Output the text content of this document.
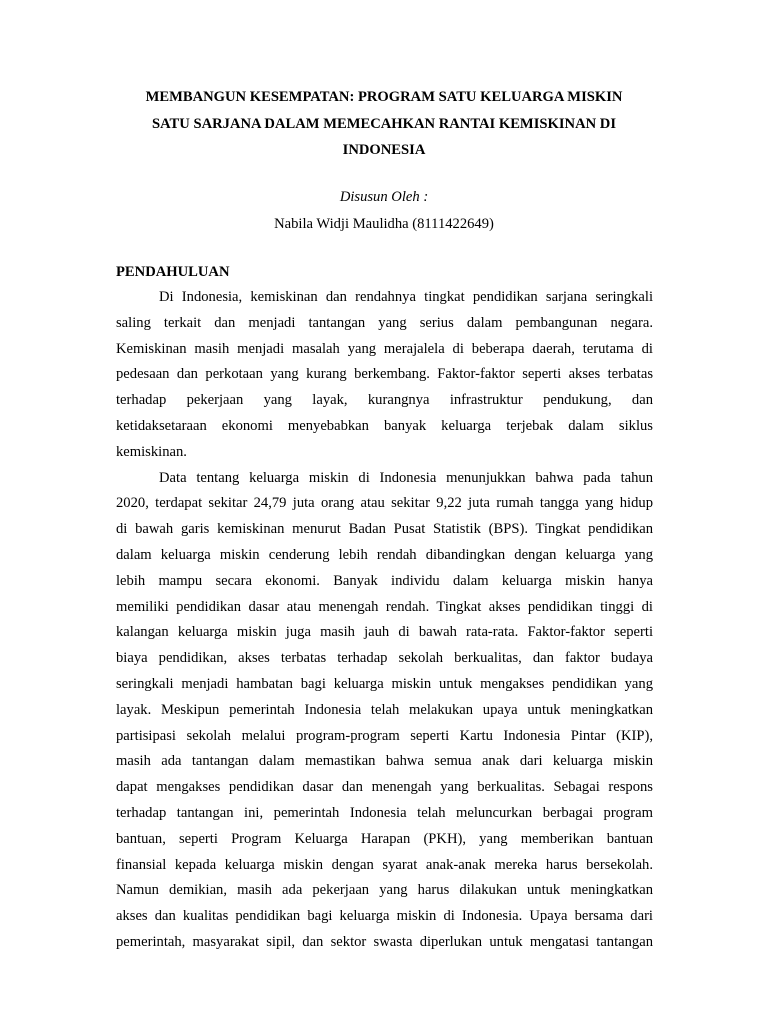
MEMBANGUN KESEMPATAN: PROGRAM SATU KELUARGA MISKIN
SATU SARJANA DALAM MEMECAHKAN RANTAI KEMISKINAN DI
INDONESIA
Disusun Oleh :
Nabila Widji Maulidha (8111422649)
PENDAHULUAN
Di Indonesia, kemiskinan dan rendahnya tingkat pendidikan sarjana seringkali
saling terkait dan menjadi tantangan yang serius dalam pembangunan negara.
Kemiskinan masih menjadi masalah yang merajalela di beberapa daerah, terutama di
pedesaan dan perkotaan yang kurang berkembang. Faktor-faktor seperti akses terbatas
terhadap pekerjaan yang layak, kurangnya infrastruktur pendukung, dan
ketidaksetaraan ekonomi menyebabkan banyak keluarga terjebak dalam siklus
kemiskinan.
Data tentang keluarga miskin di Indonesia menunjukkan bahwa pada tahun
2020, terdapat sekitar 24,79 juta orang atau sekitar 9,22 juta rumah tangga yang hidup
di bawah garis kemiskinan menurut Badan Pusat Statistik (BPS). Tingkat pendidikan
dalam keluarga miskin cenderung lebih rendah dibandingkan dengan keluarga yang
lebih mampu secara ekonomi. Banyak individu dalam keluarga miskin hanya
memiliki pendidikan dasar atau menengah rendah. Tingkat akses pendidikan tinggi di
kalangan keluarga miskin juga masih jauh di bawah rata-rata. Faktor-faktor seperti
biaya pendidikan, akses terbatas terhadap sekolah berkualitas, dan faktor budaya
seringkali menjadi hambatan bagi keluarga miskin untuk mengakses pendidikan yang
layak. Meskipun pemerintah Indonesia telah melakukan upaya untuk meningkatkan
partisipasi sekolah melalui program-program seperti Kartu Indonesia Pintar (KIP),
masih ada tantangan dalam memastikan bahwa semua anak dari keluarga miskin
dapat mengakses pendidikan dasar dan menengah yang berkualitas. Sebagai respons
terhadap tantangan ini, pemerintah Indonesia telah meluncurkan berbagai program
bantuan, seperti Program Keluarga Harapan (PKH), yang memberikan bantuan
finansial kepada keluarga miskin dengan syarat anak-anak mereka harus bersekolah.
Namun demikian, masih ada pekerjaan yang harus dilakukan untuk meningkatkan
akses dan kualitas pendidikan bagi keluarga miskin di Indonesia. Upaya bersama dari
pemerintah, masyarakat sipil, dan sektor swasta diperlukan untuk mengatasi tantangan
